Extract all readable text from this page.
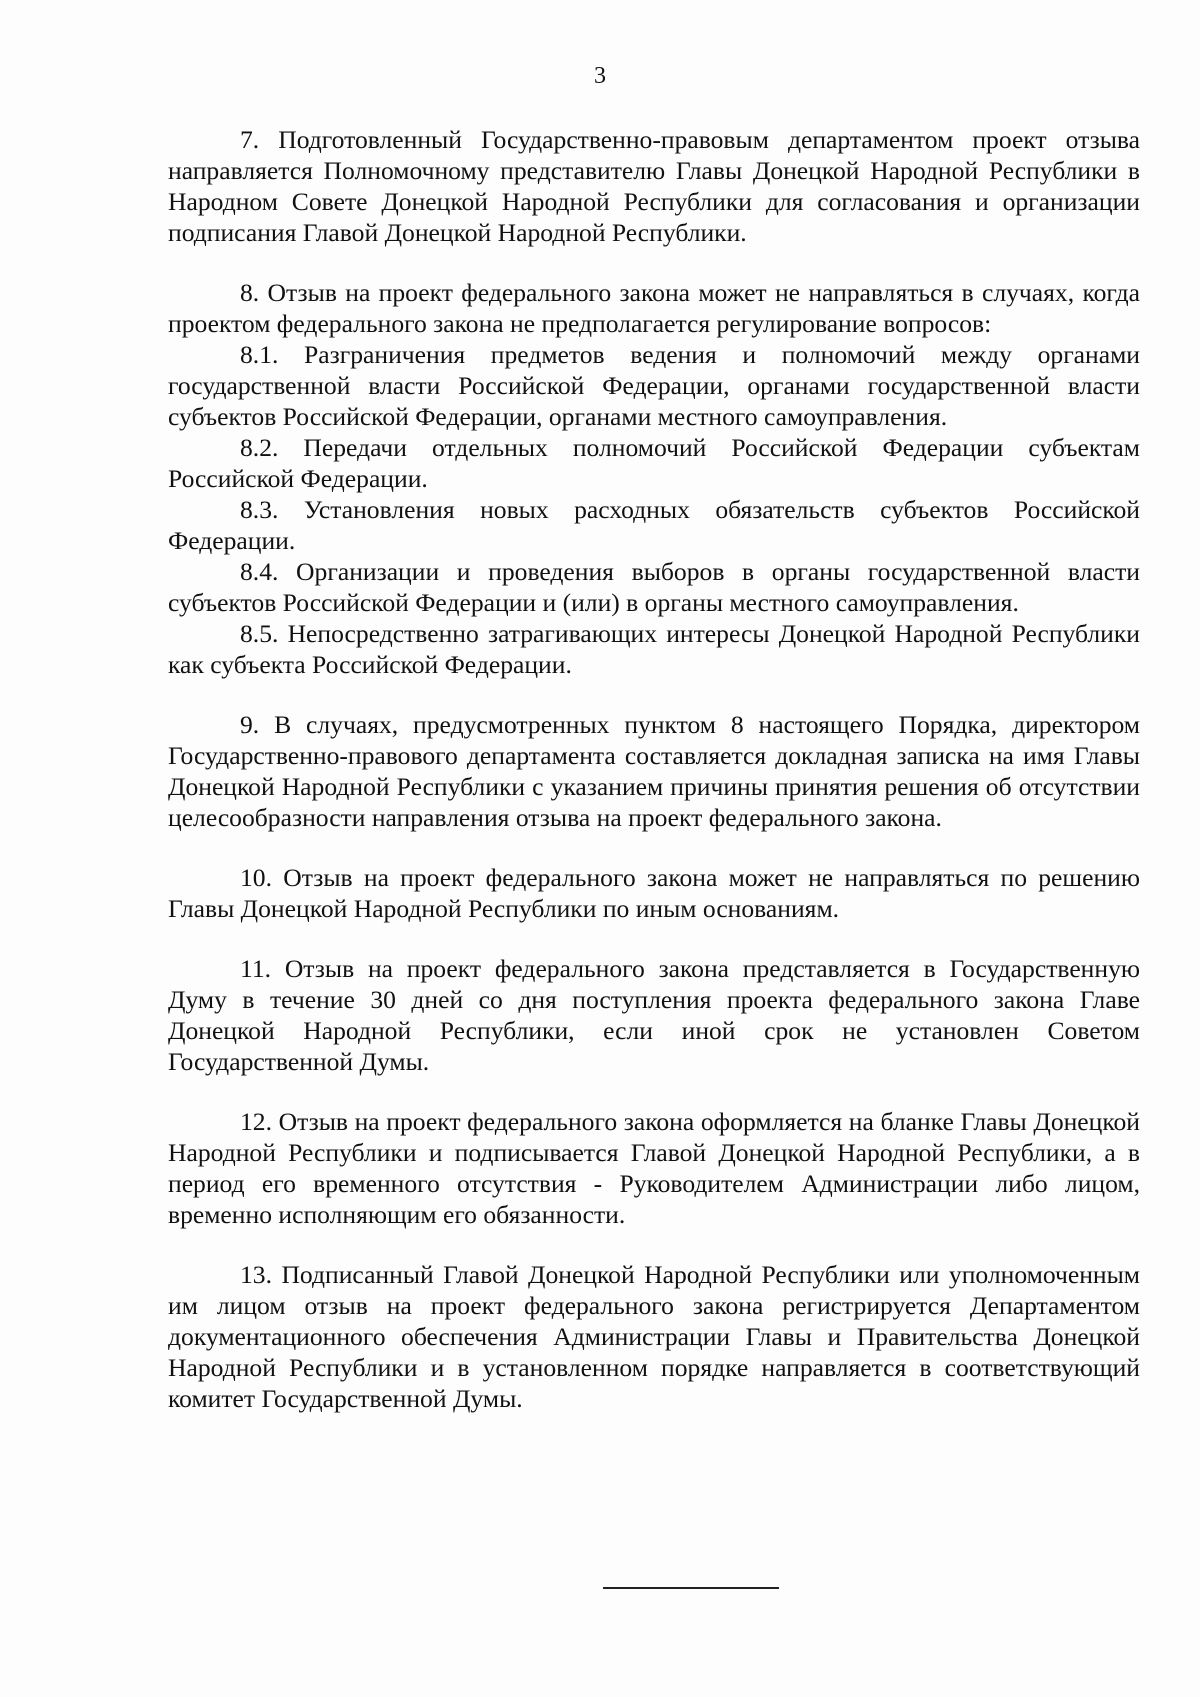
3

7. Подготовленный Государственно-правовым департаментом проект отзыва направляется Полномочному представителю Главы Донецкой Народной Республики в Народном Совете Донецкой Народной Республики для согласования и организации подписания Главой Донецкой Народной Республики.

8. Отзыв на проект федерального закона может не направляться в случаях, когда проектом федерального закона не предполагается регулирование вопросов:

8.1. Разграничения предметов ведения и полномочий между органами государственной власти Российской Федерации, органами государственной власти субъектов Российской Федерации, органами местного самоуправления.

8.2. Передачи отдельных полномочий Российской Федерации субъектам Российской Федерации.

8.3. Установления новых расходных обязательств субъектов Российской Федерации.

8.4. Организации и проведения выборов в органы государственной власти субъектов Российской Федерации и (или) в органы местного самоуправления.

8.5. Непосредственно затрагивающих интересы Донецкой Народной Республики как субъекта Российской Федерации.

9. В случаях, предусмотренных пунктом 8 настоящего Порядка, директором Государственно-правового департамента составляется докладная записка на имя Главы Донецкой Народной Республики с указанием причины принятия решения об отсутствии целесообразности направления отзыва на проект федерального закона.

10. Отзыв на проект федерального закона может не направляться по решению Главы Донецкой Народной Республики по иным основаниям.

11. Отзыв на проект федерального закона представляется в Государственную Думу в течение 30 дней со дня поступления проекта федерального закона Главе Донецкой Народной Республики, если иной срок не установлен Советом Государственной Думы.

12. Отзыв на проект федерального закона оформляется на бланке Главы Донецкой Народной Республики и подписывается Главой Донецкой Народной Республики, а в период его временного отсутствия - Руководителем Администрации либо лицом, временно исполняющим его обязанности.

13. Подписанный Главой Донецкой Народной Республики или уполномоченным им лицом отзыв на проект федерального закона регистрируется Департаментом документационного обеспечения Администрации Главы и Правительства Донецкой Народной Республики и в установленном порядке направляется в соответствующий комитет Государственной Думы.
